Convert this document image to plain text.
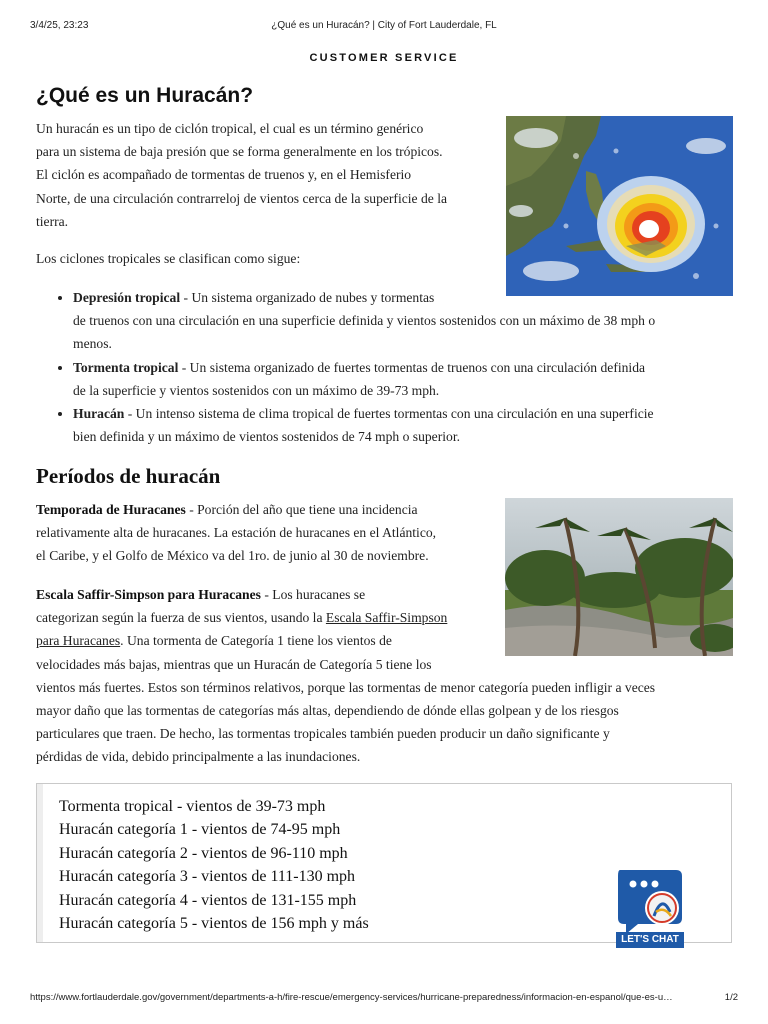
3/4/25, 23:23	¿Qué es un Huracán? | City of Fort Lauderdale, FL
CUSTOMER SERVICE
¿Qué es un Huracán?
Un huracán es un tipo de ciclón tropical, el cual es un término genérico
para un sistema de baja presión que se forma generalmente en los trópicos.
El ciclón es acompañado de tormentas de truenos y, en el Hemisferio
Norte, de una circulación contrarreloj de vientos cerca de la superficie de la
tierra.
Los ciclones tropicales se clasifican como sigue:
• Depresión tropical - Un sistema organizado de nubes y tormentas
de truenos con una circulación en una superficie definida y vientos sostenidos con un máximo de 38 mph o
menos.
• Tormenta tropical - Un sistema organizado de fuertes tormentas de truenos con una circulación definida
de la superficie y vientos sostenidos con un máximo de 39-73 mph.
• Huracán - Un intenso sistema de clima tropical de fuertes tormentas con una circulación en una superficie
bien definida y un máximo de vientos sostenidos de 74 mph o superior.
Períodos de huracán
Temporada de Huracanes - Porción del año que tiene una incidencia
relativamente alta de huracanes. La estación de huracanes en el Atlántico,
el Caribe, y el Golfo de México va del 1ro. de junio al 30 de noviembre.
Escala Saffir-Simpson para Huracanes - Los huracanes se
categorizan según la fuerza de sus vientos, usando la Escala Saffir-Simpson
para Huracanes. Una tormenta de Categoría 1 tiene los vientos de
velocidades más bajas, mientras que un Huracán de Categoría 5 tiene los
vientos más fuertes. Estos son términos relativos, porque las tormentas de menor categoría pueden infligir a veces
mayor daño que las tormentas de categorías más altas, dependiendo de dónde ellas golpean y de los riesgos
particulares que traen. De hecho, las tormentas tropicales también pueden producir un daño significante y
pérdidas de vida, debido principalmente a las inundaciones.
Tormenta tropical - vientos de 39-73 mph
Huracán categoría 1 - vientos de 74-95 mph
Huracán categoría 2 - vientos de 96-110 mph
Huracán categoría 3 - vientos de 111-130 mph
Huracán categoría 4 - vientos de 131-155 mph
Huracán categoría 5 - vientos de 156 mph y más
LET'S CHAT
https://www.fortlauderdale.gov/government/departments-a-h/fire-rescue/emergency-services/hurricane-preparedness/informacion-en-espanol/que-es-u…	1/2
